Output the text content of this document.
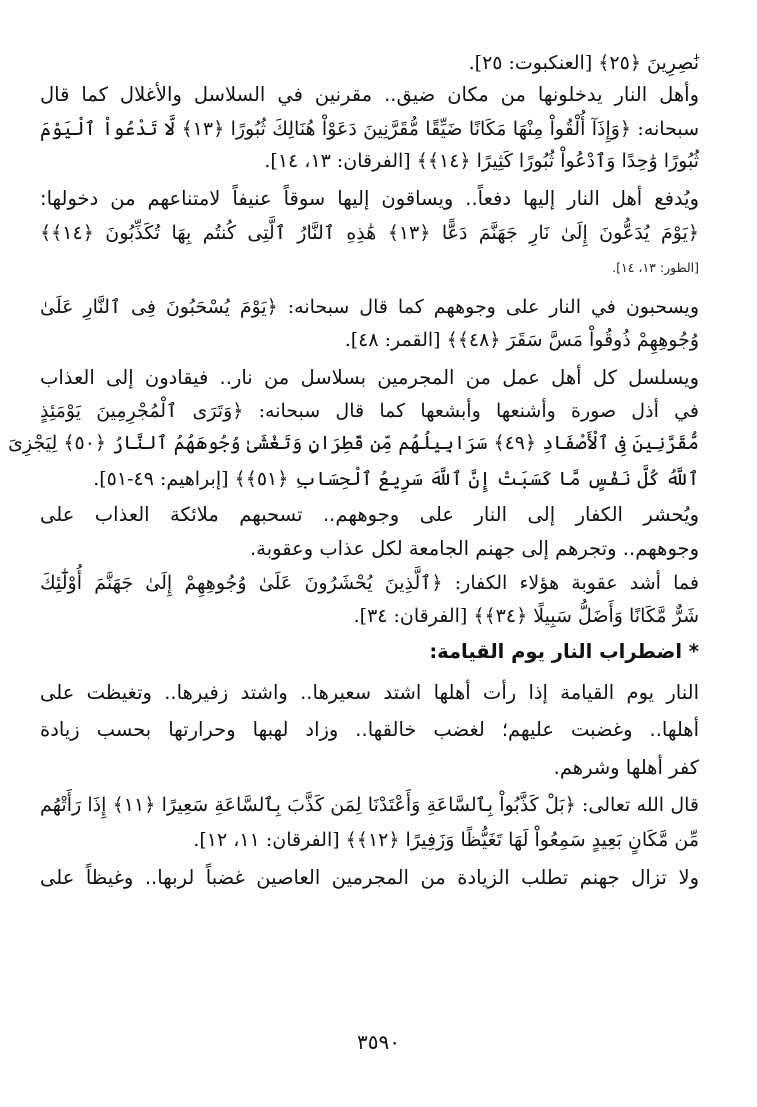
نَٰصِرِينَ ﴿٢٥﴾ [العنكبوت: ٢٥].
وأهل النار يدخلونها من مكان ضيق.. مقرنين في السلاسل والأغلال كما قال
سبحانه: ﴿وَإِذَآ أُلْقُواْ مِنْهَا مَكَانًا ضَيِّقًا مُّقَرَّنِينَ دَعَوْاْ هُنَالِكَ ثُبُورًا ﴿١٣﴾ لَّا تَدْعُواْ ٱلْيَوْمَ
ثُبُورًا وَٰحِدًا وَٱدْعُواْ ثُبُورًا كَثِيرًا ﴿١٤﴾﴾ [الفرقان: ١٣، ١٤].
ويُدفع أهل النار إليها دفعاً.. ويساقون إليها سوقاً عنيفاً لامتناعهم من دخولها:
﴿يَوْمَ يُدَعُّونَ إِلَىٰ نَارِ جَهَنَّمَ دَعًّا ﴿١٣﴾ هَٰذِهِ ٱلنَّارُ ٱلَّتِى كُنتُم بِهَا تُكَذِّبُونَ ﴿١٤﴾﴾
[الطور: ١٣، ١٤].
ويسحبون في النار على وجوههم كما قال سبحانه: ﴿يَوْمَ يُسْحَبُونَ فِى ٱلنَّارِ عَلَىٰ
وُجُوهِهِمْ ذُوقُواْ مَسَّ سَقَرَ ﴿٤٨﴾﴾ [القمر: ٤٨].
ويسلسل كل أهل عمل من المجرمين بسلاسل من نار.. فيقادون إلى العذاب
في أذل صورة وأشنعها وأبشعها كما قال سبحانه: ﴿وَتَرَى ٱلْمُجْرِمِينَ يَوْمَئِذٍ
مُّقَرَّنِينَ فِى ٱلْأَصْفَادِ ﴿٤٩﴾ سَرَابِيلُهُم مِّن قَطِرَانٍ وَتَغْشَىٰ وُجُوهَهُمُ ٱلنَّارُ ﴿٥٠﴾ لِيَجْزِىَ
ٱللَّهُ كُلَّ نَفْسٍ مَّا كَسَبَتْ إِنَّ ٱللَّهَ سَرِيعُ ٱلْحِسَابِ ﴿٥١﴾﴾ [إبراهيم: ٤٩-٥١].
ويُحشر الكفار إلى النار على وجوههم.. تسحبهم ملائكة العذاب على
وجوههم.. وتجرهم إلى جهنم الجامعة لكل عذاب وعقوبة.
فما أشد عقوبة هؤلاء الكفار: ﴿ٱلَّذِينَ يُحْشَرُونَ عَلَىٰ وُجُوهِهِمْ إِلَىٰ جَهَنَّمَ أُوْلَٰٓئِكَ
شَرٌّ مَّكَانًا وَأَضَلُّ سَبِيلًا ﴿٣٤﴾﴾ [الفرقان: ٣٤].
* اضطراب النار يوم القيامة:
النار يوم القيامة إذا رأت أهلها اشتد سعيرها.. واشتد زفيرها.. وتغيظت على
أهلها.. وغضبت عليهم؛ لغضب خالقها.. وزاد لهبها وحرارتها بحسب زيادة
كفر أهلها وشرهم.
قال الله تعالى: ﴿بَلْ كَذَّبُواْ بِٱلسَّاعَةِ وَأَعْتَدْنَا لِمَن كَذَّبَ بِٱلسَّاعَةِ سَعِيرًا ﴿١١﴾ إِذَا رَأَتْهُم
مِّن مَّكَانٍ بَعِيدٍ سَمِعُواْ لَهَا تَغَيُّظًا وَزَفِيرًا ﴿١٢﴾﴾ [الفرقان: ١١، ١٢].
ولا تزال جهنم تطلب الزيادة من المجرمين العاصين غضباً لربها.. وغيظاً على
٣٥٩٠
